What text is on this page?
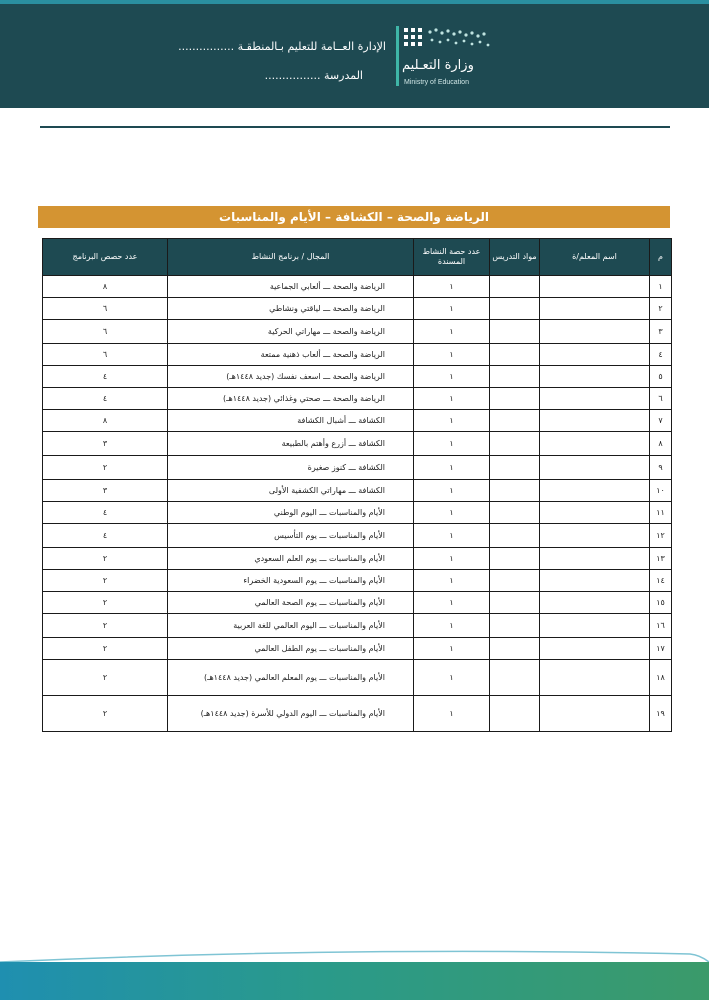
وزارة التعـليم
Ministry of Education
الإدارة العــامة للتعليم بـالمنطقـة ................
المدرسة ................
الرياضة والصحة – الكشافة – الأيام والمناسبات
م	اسم المعلم/ة	مواد التدريس	عدد حصة النشاط المسندة	المجال / برنامج النشاط	عدد حصص البرنامج
١			١	الرياضة والصحة ـــ ألعابي الجماعية	٨
٢			١	الرياضة والصحة ـــ لياقتي ونشاطي	٦
٣			١	الرياضة والصحة ـــ مهاراتي الحركية	٦
٤			١	الرياضة والصحة ـــ ألعاب ذهنية ممتعة	٦
٥			١	الرياضة والصحة ـــ اسعف نفسك (جديد ١٤٤٨هـ)	٤
٦			١	الرياضة والصحة ـــ صحتي وغذائي (جديد ١٤٤٨هـ)	٤
٧			١	الكشافة ـــ أشبال الكشافة	٨
٨			١	الكشافة ـــ أزرع وأهتم بالطبيعة	٣
٩			١	الكشافة ـــ كنوز صغيرة	٢
١٠			١	الكشافة ـــ مهاراتي الكشفية الأولى	٣
١١			١	الأيام والمناسبات ـــ اليوم الوطني	٤
١٢			١	الأيام والمناسبات ـــ يوم التأسيس	٤
١٣			١	الأيام والمناسبات ـــ يوم العلم السعودي	٢
١٤			١	الأيام والمناسبات ـــ يوم السعودية الخضراء	٢
١٥			١	الأيام والمناسبات ـــ يوم الصحة العالمي	٢
١٦			١	الأيام والمناسبات ـــ اليوم العالمي للغة العربية	٢
١٧			١	الأيام والمناسبات ـــ يوم الطفل العالمي	٢
١٨			١	الأيام والمناسبات ـــ يوم المعلم العالمي (جديد ١٤٤٨هـ)	٢
١٩			١	الأيام والمناسبات ـــ اليوم الدولي للأسرة (جديد ١٤٤٨هـ)	٢
